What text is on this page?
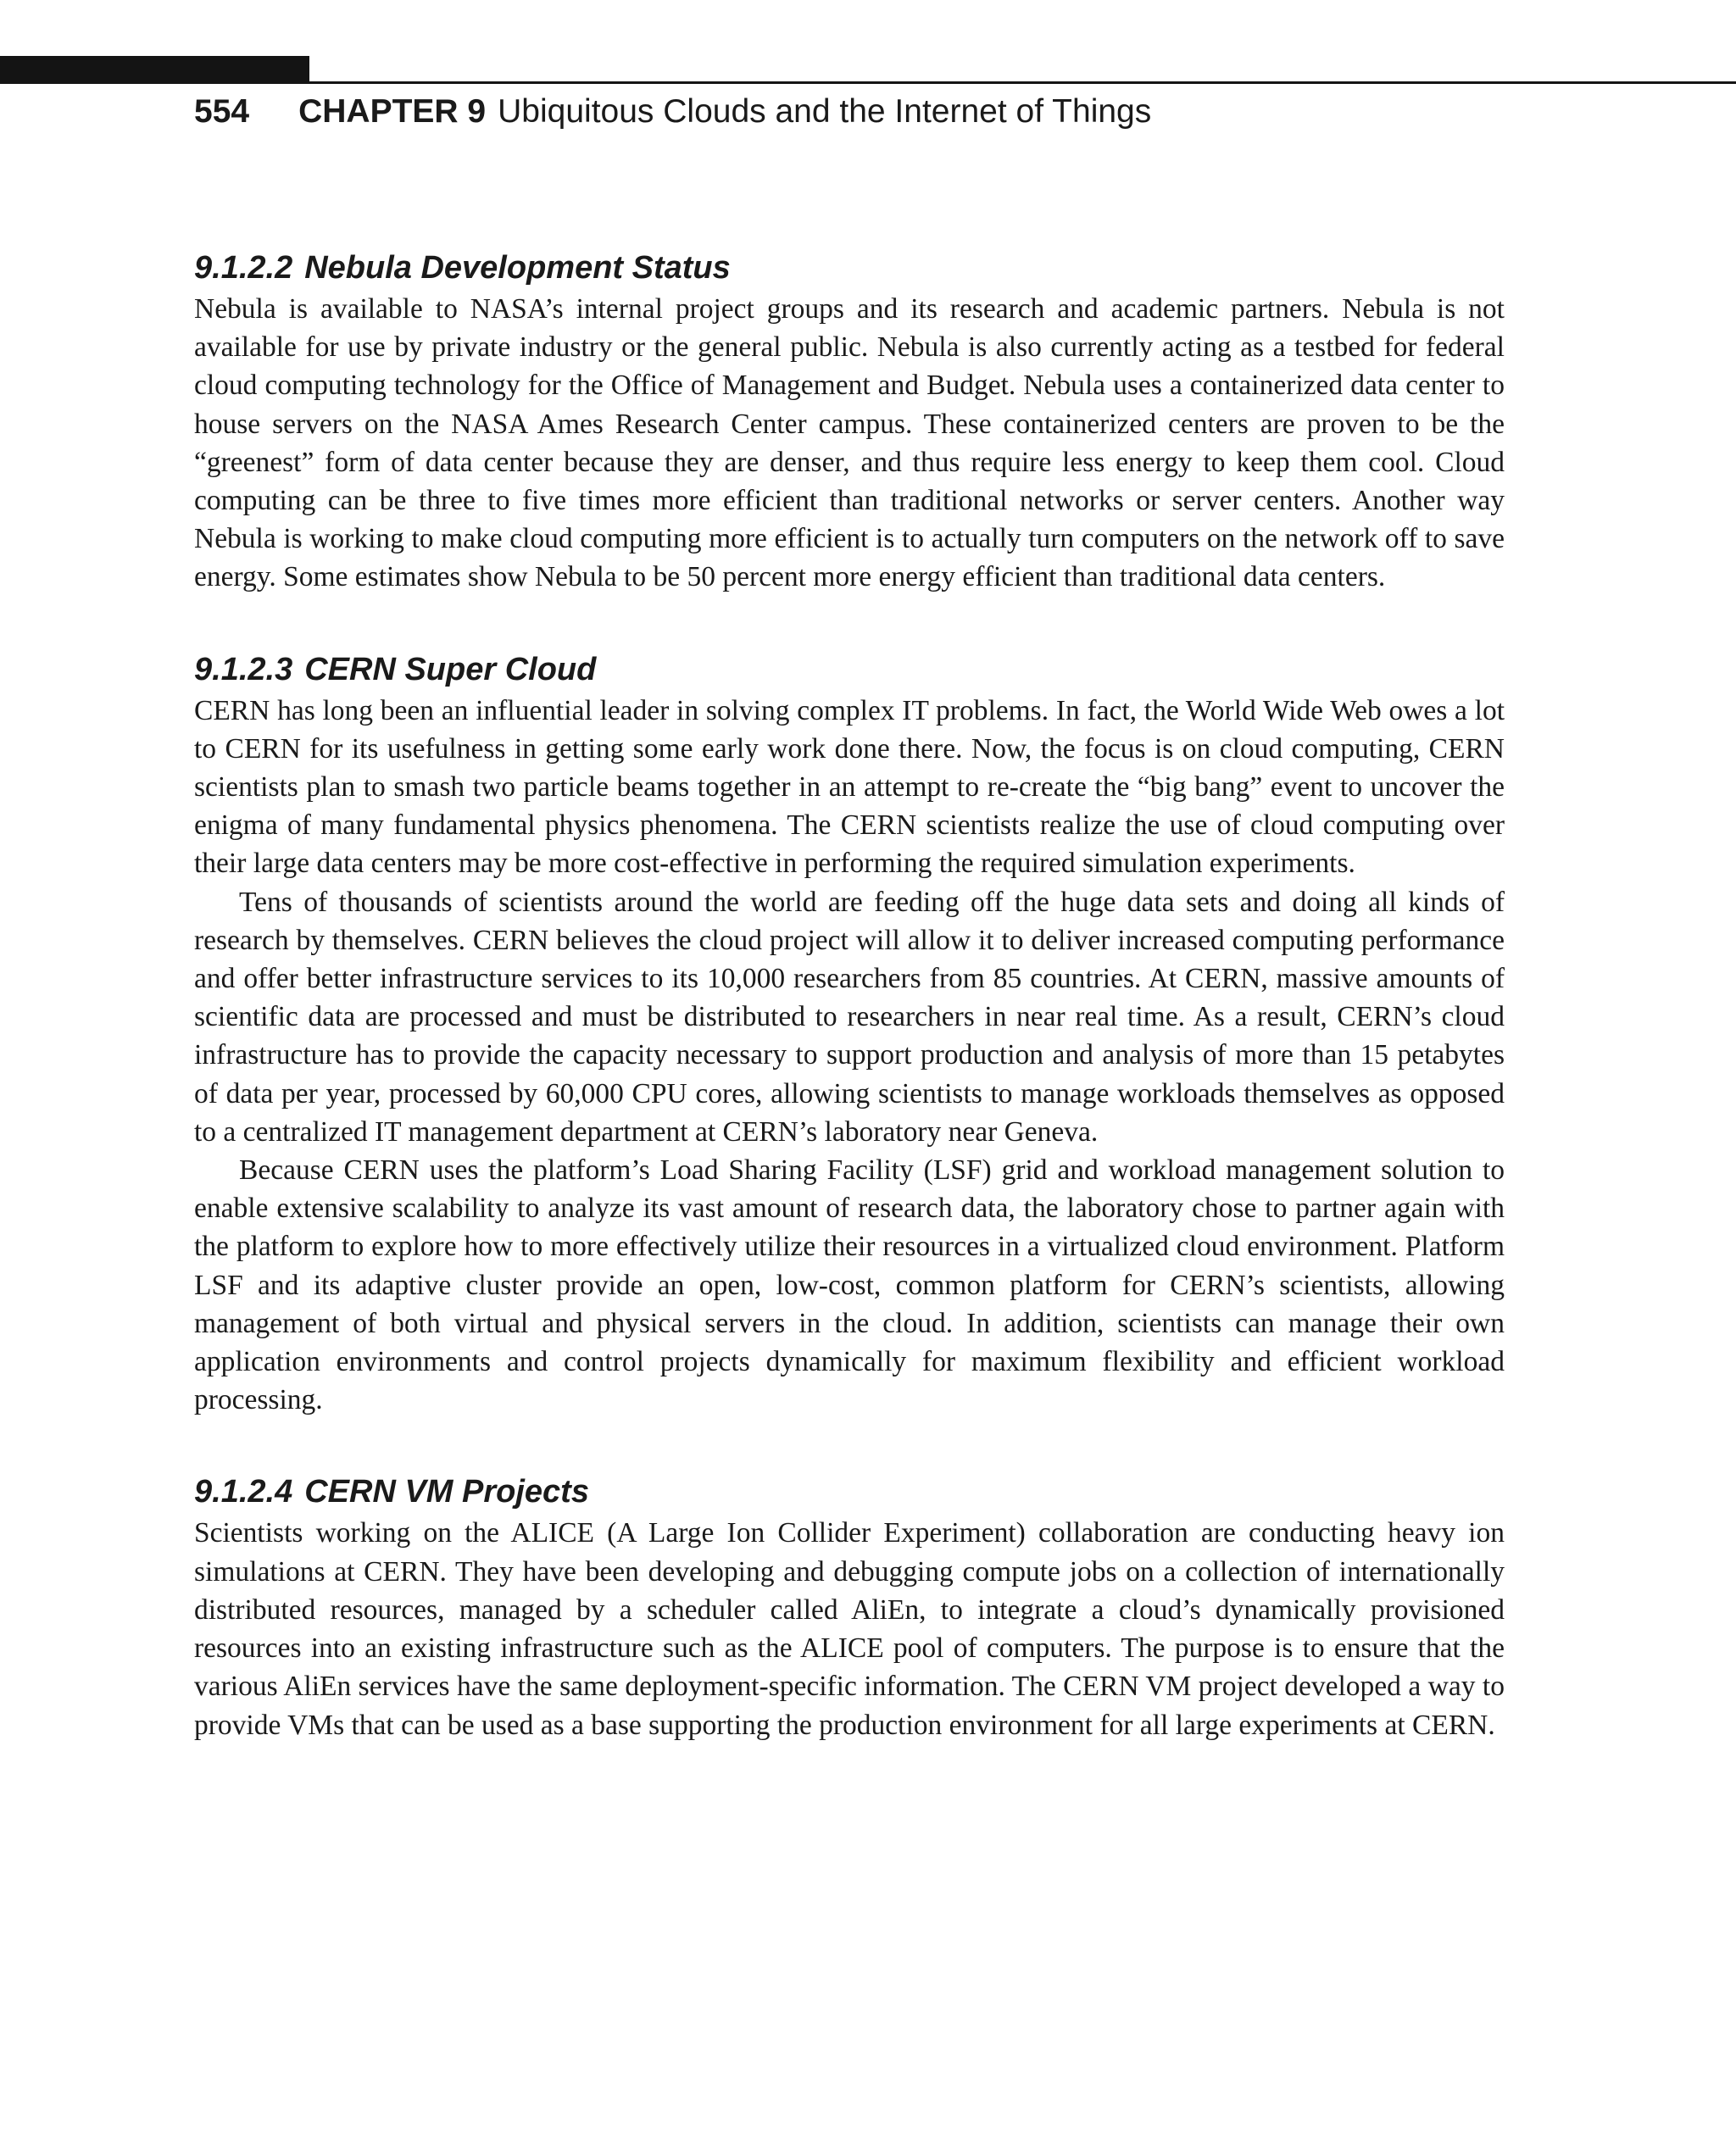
554 CHAPTER 9 Ubiquitous Clouds and the Internet of Things
9.1.2.2 Nebula Development Status

Nebula is available to NASA’s internal project groups and its research and academic partners. Nebula is not available for use by private industry or the general public. Nebula is also currently acting as a testbed for federal cloud computing technology for the Office of Management and Budget. Nebula uses a containerized data center to house servers on the NASA Ames Research Center campus. These containerized centers are proven to be the “greenest” form of data center because they are denser, and thus require less energy to keep them cool. Cloud computing can be three to five times more efficient than traditional networks or server centers. Another way Nebula is working to make cloud computing more efficient is to actually turn computers on the network off to save energy. Some estimates show Nebula to be 50 percent more energy efficient than traditional data centers.

9.1.2.3 CERN Super Cloud

CERN has long been an influential leader in solving complex IT problems. In fact, the World Wide Web owes a lot to CERN for its usefulness in getting some early work done there. Now, the focus is on cloud computing, CERN scientists plan to smash two particle beams together in an attempt to re-create the “big bang” event to uncover the enigma of many fundamental physics phenomena. The CERN scientists realize the use of cloud computing over their large data centers may be more cost-effective in performing the required simulation experiments.

Tens of thousands of scientists around the world are feeding off the huge data sets and doing all kinds of research by themselves. CERN believes the cloud project will allow it to deliver increased computing performance and offer better infrastructure services to its 10,000 researchers from 85 countries. At CERN, massive amounts of scientific data are processed and must be distributed to researchers in near real time. As a result, CERN’s cloud infrastructure has to provide the capacity necessary to support production and analysis of more than 15 petabytes of data per year, processed by 60,000 CPU cores, allowing scientists to manage workloads themselves as opposed to a centralized IT management department at CERN’s laboratory near Geneva.

Because CERN uses the platform’s Load Sharing Facility (LSF) grid and workload management solution to enable extensive scalability to analyze its vast amount of research data, the laboratory chose to partner again with the platform to explore how to more effectively utilize their resources in a virtualized cloud environment. Platform LSF and its adaptive cluster provide an open, low-cost, common platform for CERN’s scientists, allowing management of both virtual and physical servers in the cloud. In addition, scientists can manage their own application environments and control projects dynamically for maximum flexibility and efficient workload processing.

9.1.2.4 CERN VM Projects

Scientists working on the ALICE (A Large Ion Collider Experiment) collaboration are conducting heavy ion simulations at CERN. They have been developing and debugging compute jobs on a collection of internationally distributed resources, managed by a scheduler called AliEn, to integrate a cloud’s dynamically provisioned resources into an existing infrastructure such as the ALICE pool of computers. The purpose is to ensure that the various AliEn services have the same deployment-specific information. The CERN VM project developed a way to provide VMs that can be used as a base supporting the production environment for all large experiments at CERN.
